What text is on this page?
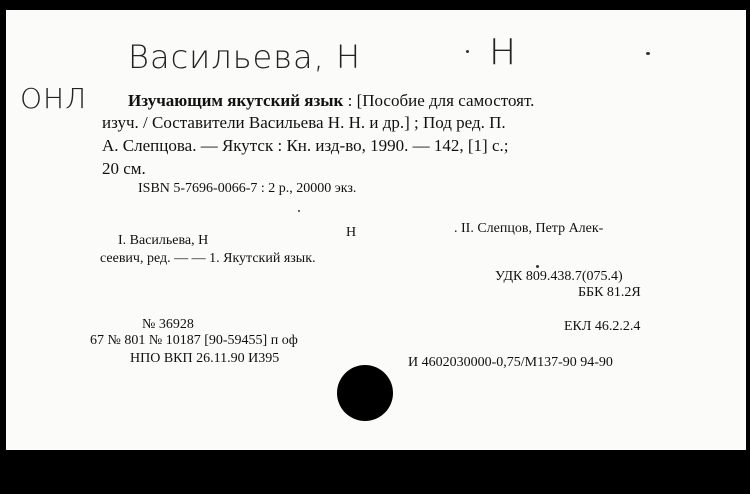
Васильева, Н	Н
ОНЛ Изучающим якутский язык : [Пособие для самостоят.
изуч. / Составители Васильева Н. Н. и др.] ; Под ред. П.
А. Слепцова. — Якутск : Кн. изд-во, 1990. — 142, [1] с.;
20 см.
ISBN 5-7696-0066-7 : 2 р., 20000 экз.
I. Васильева, Н
Н	. II. Слепцов, Петр Алек-
сеевич, ред. — — 1. Якутский язык.
УДК 809.438.7(075.4)
ББК 81.2Я
ЕКЛ 46.2.2.4
№ 36928
67 № 801 № 10187 [90-59455] п оф
НПО ВКП 26.11.90 И395	И 4602030000-0,75/М137-90 94-90
